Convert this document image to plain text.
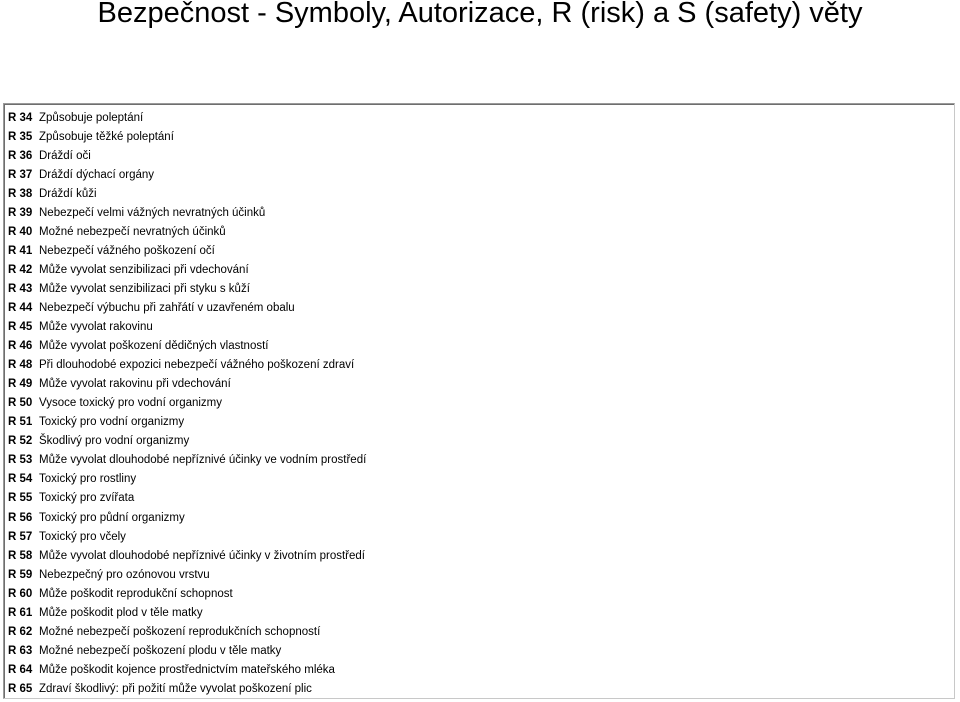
Bezpečnost - Symboly, Autorizace, R (risk) a S (safety) věty
R 34 Způsobuje poleptání
R 35 Způsobuje těžké poleptání
R 36 Dráždí oči
R 37 Dráždí dýchací orgány
R 38 Dráždí kůži
R 39 Nebezpečí velmi vážných nevratných účinků
R 40 Možné nebezpečí nevratných účinků
R 41 Nebezpečí vážného poškození očí
R 42 Může vyvolat senzibilizaci při vdechování
R 43 Může vyvolat senzibilizaci při styku s kůží
R 44 Nebezpečí výbuchu při zahřátí v uzavřeném obalu
R 45 Může vyvolat rakovinu
R 46 Může vyvolat poškození dědičných vlastností
R 48 Při dlouhodobé expozici nebezpečí vážného poškození zdraví
R 49 Může vyvolat rakovinu při vdechování
R 50 Vysoce toxický pro vodní organizmy
R 51 Toxický pro vodní organizmy
R 52 Škodlivý pro vodní organizmy
R 53 Může vyvolat dlouhodobé nepříznivé účinky ve vodním prostředí
R 54 Toxický pro rostliny
R 55 Toxický pro zvířata
R 56 Toxický pro půdní organizmy
R 57 Toxický pro včely
R 58 Může vyvolat dlouhodobé nepříznivé účinky v životním prostředí
R 59 Nebezpečný pro ozónovou vrstvu
R 60 Může poškodit reprodukční schopnost
R 61 Může poškodit plod v těle matky
R 62 Možné nebezpečí poškození reprodukčních schopností
R 63 Možné nebezpečí poškození plodu v těle matky
R 64 Může poškodit kojence prostřednictvím mateřského mléka
R 65 Zdraví škodlivý: při požití může vyvolat poškození plic
